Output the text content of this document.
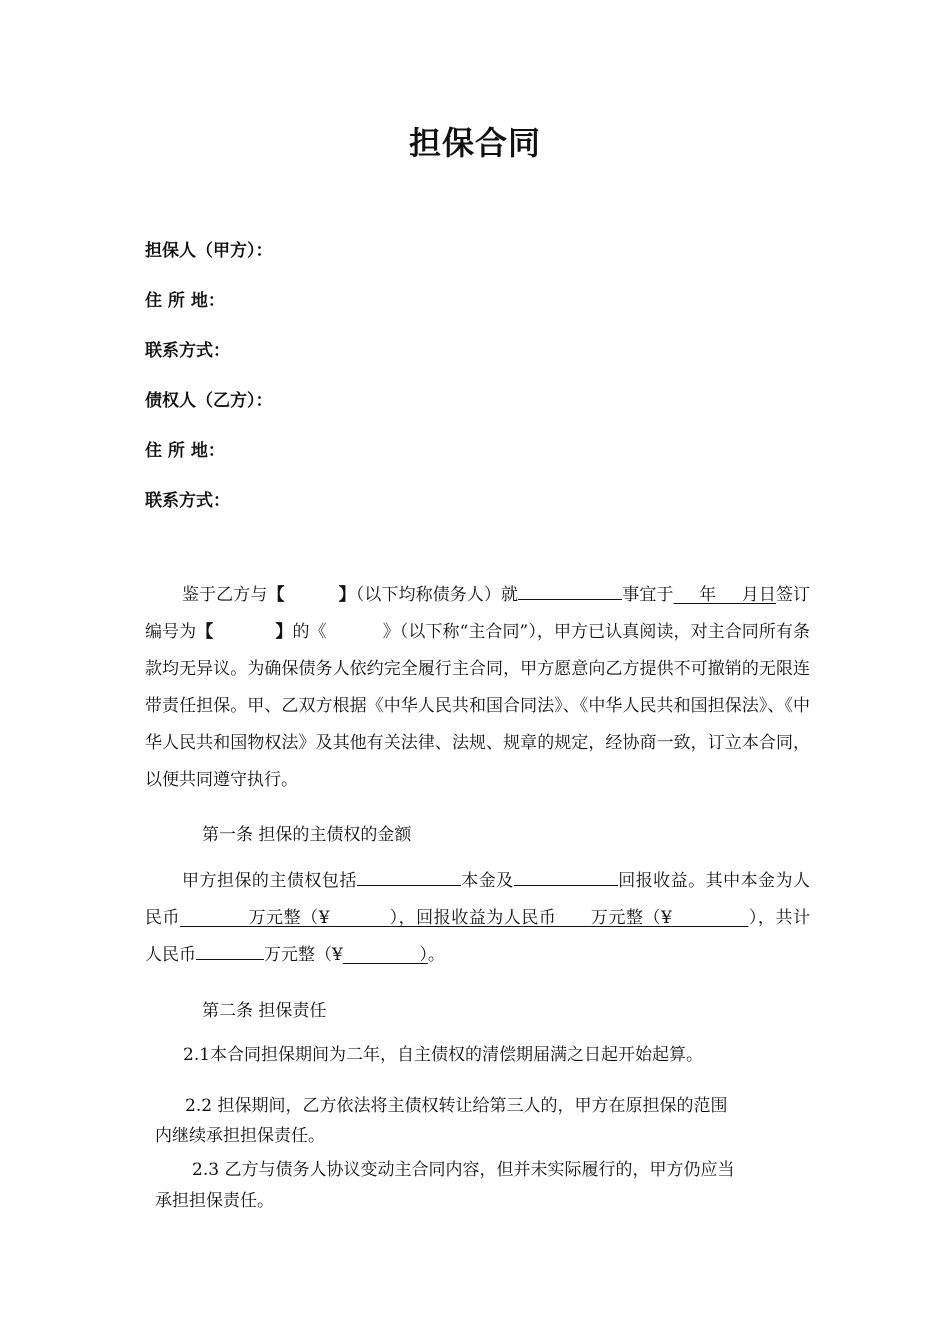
担保合同
担保人（甲方）：
住 所 地：
联系方式：
债权人（乙方）：
住 所 地：
联系方式：

鉴于乙方与【	】（以下均称债务人）就	事宜于   年   月日签订编号为【	】的《	》（以下称“主合同”），甲方已认真阅读，对主合同所有条款均无异议。为确保债务人依约完全履行主合同，甲方愿意向乙方提供不可撤销的无限连带责任担保。甲、乙双方根据《中华人民共和国合同法》、《中华人民共和国担保法》、《中华人民共和国物权法》及其他有关法律、法规、规章的规定，经协商一致，订立本合同，以便共同遵守执行。

第一条 担保的主债权的金额

甲方担保的主债权包括	本金及	回报收益。其中本金为人民币    	万元整（¥    	），回报收益为人民币   万元整（¥     	），共计人民币	万元整（¥     	）。

第二条 担保责任
2.1本合同担保期间为二年，自主债权的清偿期届满之日起开始起算。
2.2 担保期间，乙方依法将主债权转让给第三人的，甲方在原担保的范围
内继续承担担保责任。
2.3 乙方与债务人协议变动主合同内容，但并未实际履行的，甲方仍应当
承担担保责任。
